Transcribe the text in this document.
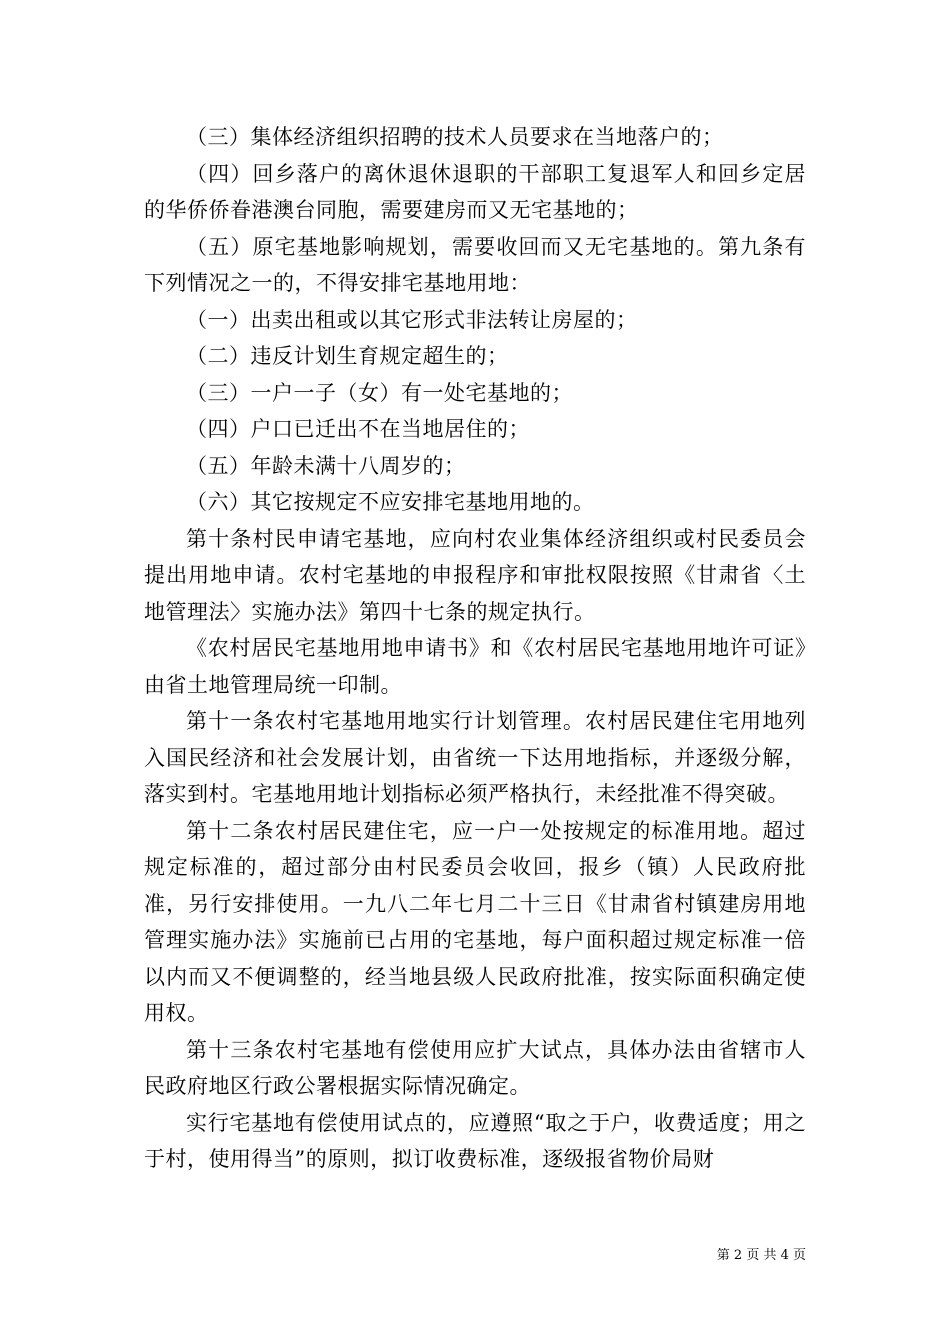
（三）集体经济组织招聘的技术人员要求在当地落户的；

（四）回乡落户的离休退休退职的干部职工复退军人和回乡定居的华侨侨眷港澳台同胞，需要建房而又无宅基地的；

（五）原宅基地影响规划，需要收回而又无宅基地的。第九条有下列情况之一的，不得安排宅基地用地：

（一）出卖出租或以其它形式非法转让房屋的；

（二）违反计划生育规定超生的；

（三）一户一子（女）有一处宅基地的；

（四）户口已迁出不在当地居住的；

（五）年龄未满十八周岁的；

（六）其它按规定不应安排宅基地用地的。

第十条村民申请宅基地，应向村农业集体经济组织或村民委员会提出用地申请。农村宅基地的申报程序和审批权限按照《甘肃省〈土地管理法〉实施办法》第四十七条的规定执行。

《农村居民宅基地用地申请书》和《农村居民宅基地用地许可证》由省土地管理局统一印制。

第十一条农村宅基地用地实行计划管理。农村居民建住宅用地列入国民经济和社会发展计划，由省统一下达用地指标，并逐级分解，落实到村。宅基地用地计划指标必须严格执行，未经批准不得突破。

第十二条农村居民建住宅，应一户一处按规定的标准用地。超过规定标准的，超过部分由村民委员会收回，报乡（镇）人民政府批准，另行安排使用。一九八二年七月二十三日《甘肃省村镇建房用地管理实施办法》实施前已占用的宅基地，每户面积超过规定标准一倍以内而又不便调整的，经当地县级人民政府批准，按实际面积确定使用权。

第十三条农村宅基地有偿使用应扩大试点，具体办法由省辖市人民政府地区行政公署根据实际情况确定。

实行宅基地有偿使用试点的，应遵照“取之于户，收费适度；用之于村，使用得当”的原则，拟订收费标准，逐级报省物价局财

第 2 页 共 4 页
